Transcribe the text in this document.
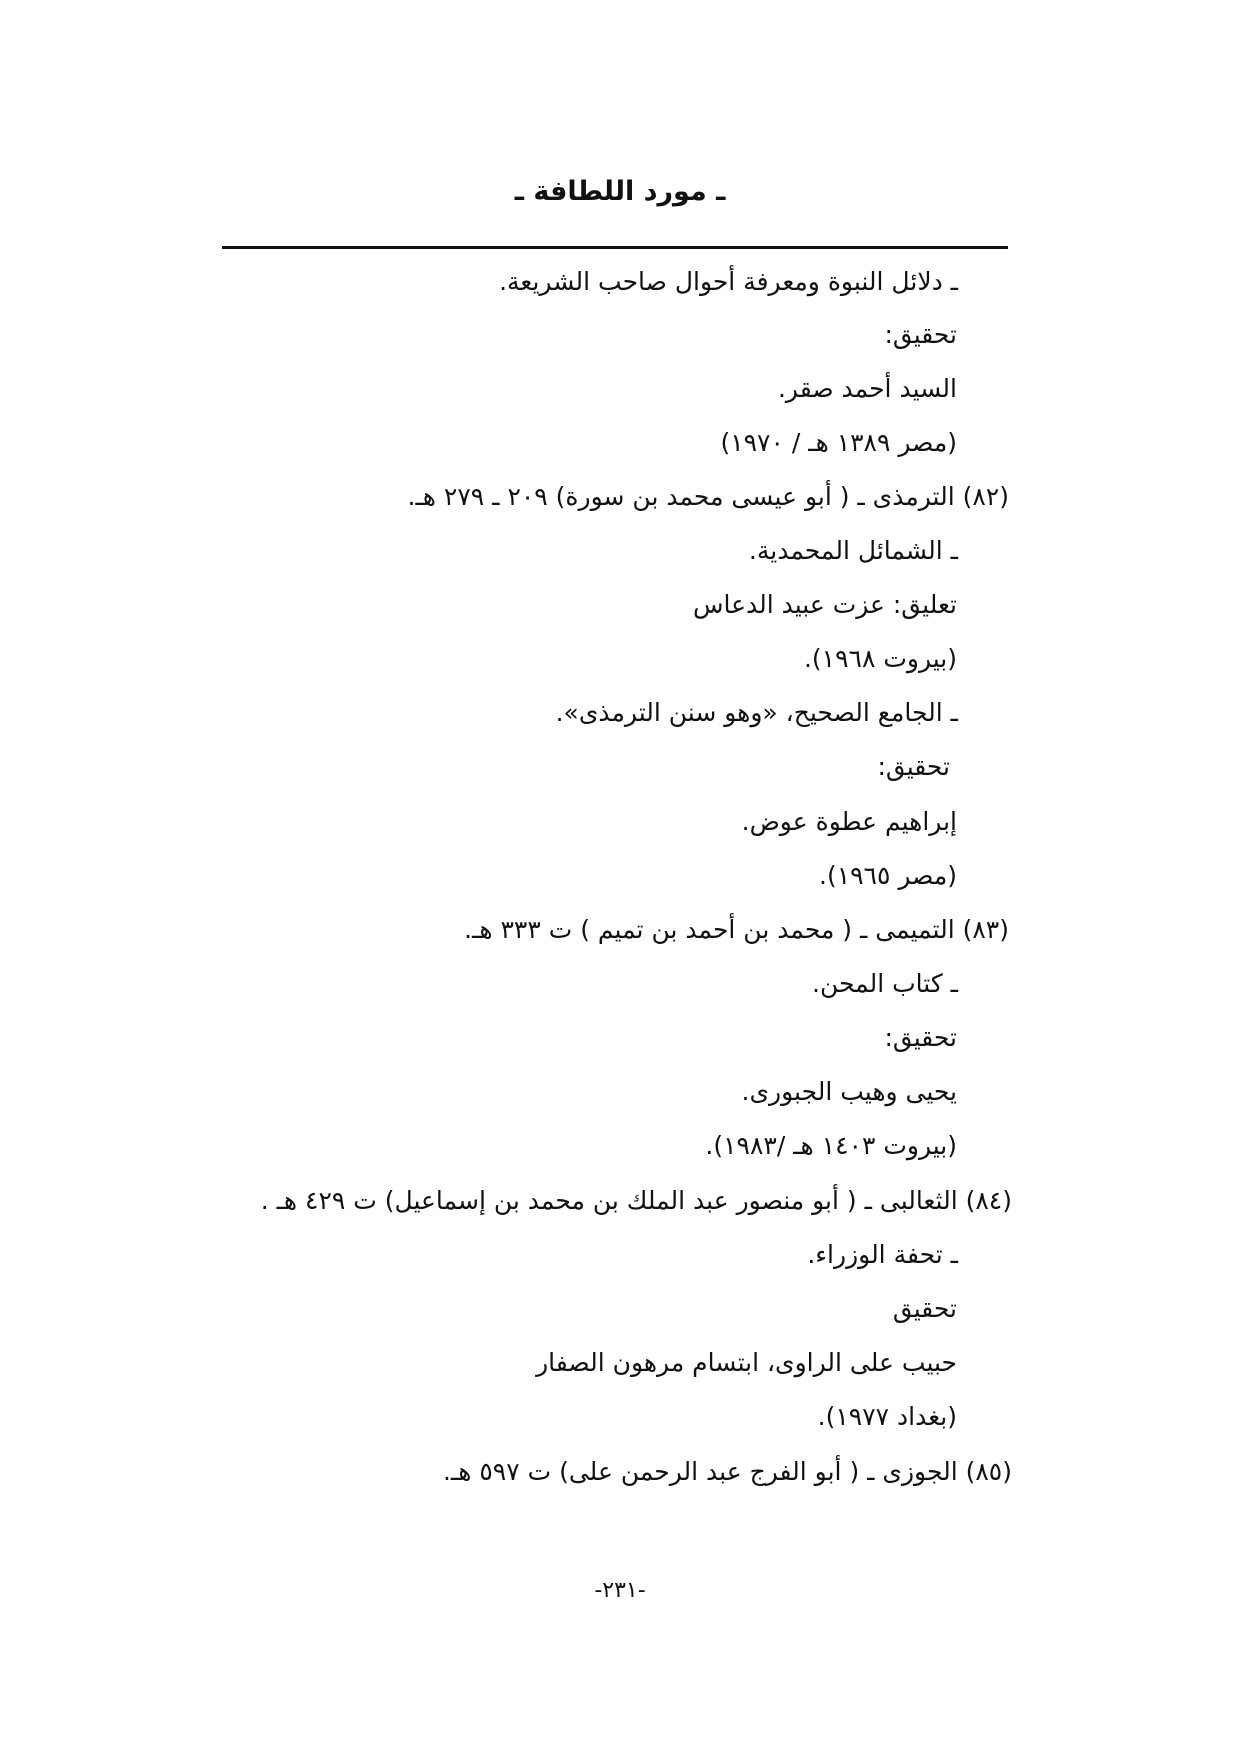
ـ مورد اللطافة ـ
ـ دلائل النبوة ومعرفة أحوال صاحب الشريعة.
تحقيق:
السيد أحمد صقر.
(مصر ١٣٨٩ هـ / ١٩٧٠)
(٨٢) الترمذى ـ ( أبو عيسى محمد بن سورة) ٢٠٩ ـ ٢٧٩ هـ.
ـ الشمائل المحمدية.
تعليق: عزت عبيد الدعاس
(بيروت ١٩٦٨).
ـ الجامع الصحيح، «وهو سنن الترمذى».
تحقيق:
إبراهيم عطوة عوض.
(مصر ١٩٦٥).
(٨٣) التميمى ـ ( محمد بن أحمد بن تميم ) ت ٣٣٣ هـ.
ـ كتاب المحن.
تحقيق:
يحيى وهيب الجبورى.
(بيروت ١٤٠٣ هـ /١٩٨٣).
(٨٤) الثعالبى ـ ( أبو منصور عبد الملك بن محمد بن إسماعيل) ت ٤٢٩ هـ .
ـ تحفة الوزراء.
تحقيق
حبيب على الراوى، ابتسام مرهون الصفار
(بغداد ١٩٧٧).
(٨٥) الجوزى ـ ( أبو الفرج عبد الرحمن على) ت ٥٩٧ هـ.
-٢٣١-
